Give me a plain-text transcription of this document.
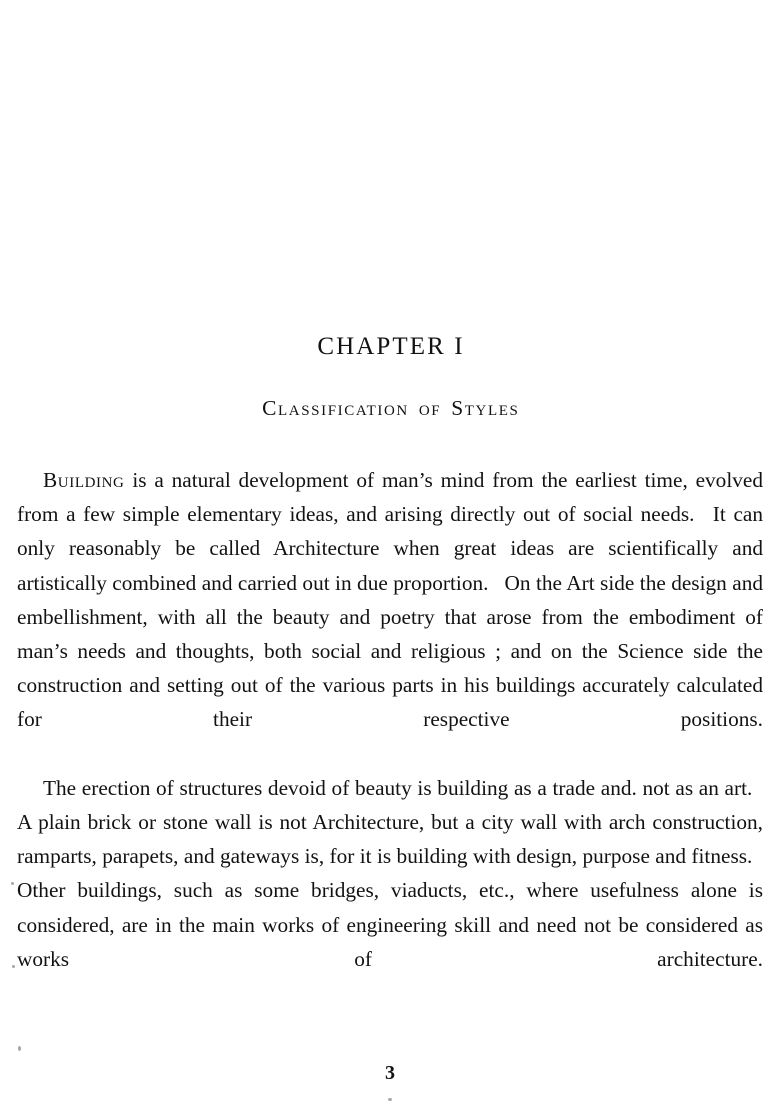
CHAPTER I
Classification of Styles

Building is a natural development of man’s mind from the earliest time, evolved from a few simple elementary ideas, and arising directly out of social needs.  It can only reasonably be called Architecture when great ideas are scientifically and artistically combined and carried out in due proportion.  On the Art side the design and embellishment, with all the beauty and poetry that arose from the embodiment of man’s needs and thoughts, both social and religious ; and on the Science side the construction and setting out of the various parts in his buildings accurately calculated for their respective positions.

The erection of structures devoid of beauty is building as a trade and. not as an art.  A plain brick or stone wall is not Architecture, but a city wall with arch construction, ramparts, parapets, and gateways is, for it is building with design, purpose and fitness.  Other buildings, such as some bridges, viaducts, etc., where usefulness alone is considered, are in the main works of engineering skill and need not be considered as works of architecture.

3
